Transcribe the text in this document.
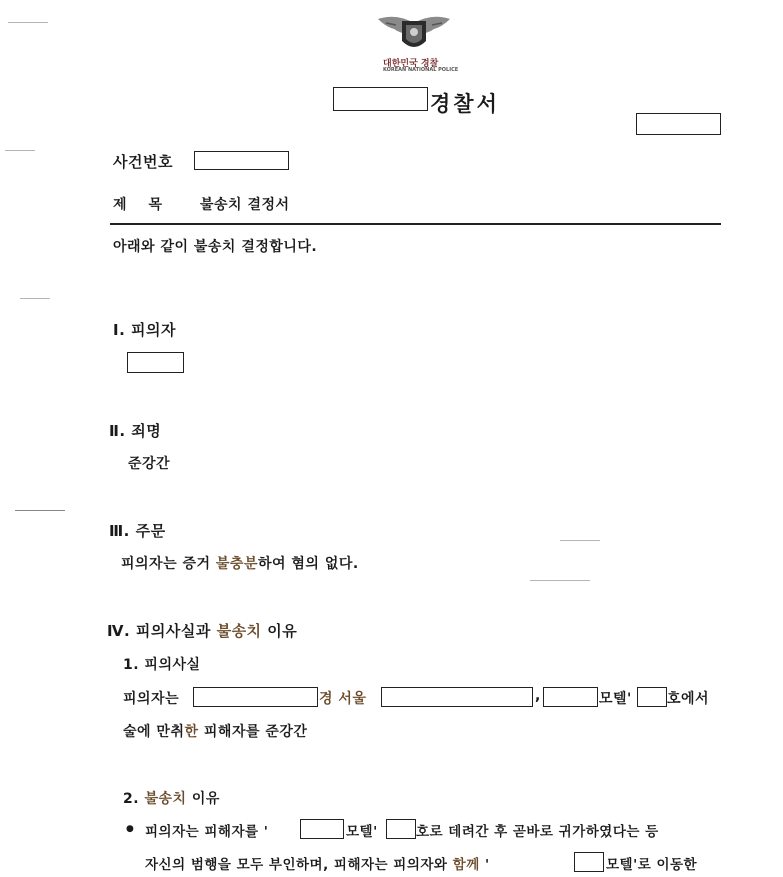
대한민국 경찰
KOREAN NATIONAL POLICE
경찰서
사건번호
제    목	불송치 결정서
아래와 같이 불송치 결정합니다.
Ⅰ. 피의자
Ⅱ. 죄명
준강간
Ⅲ. 주문
피의자는 증거 불충분하여 혐의 없다.
Ⅳ. 피의사실과 불송치 이유
1. 피의사실
피의자는	경 서울	,	모텔'	호에서
술에 만취한 피해자를 준강간
2. 불송치 이유
● 피의자는 피해자를 '	모텔'	호로 데려간 후 곧바로 귀가하였다는 등
자신의 범행을 모두 부인하며, 피해자는 피의자와 함께 '	모텔'로 이동한
